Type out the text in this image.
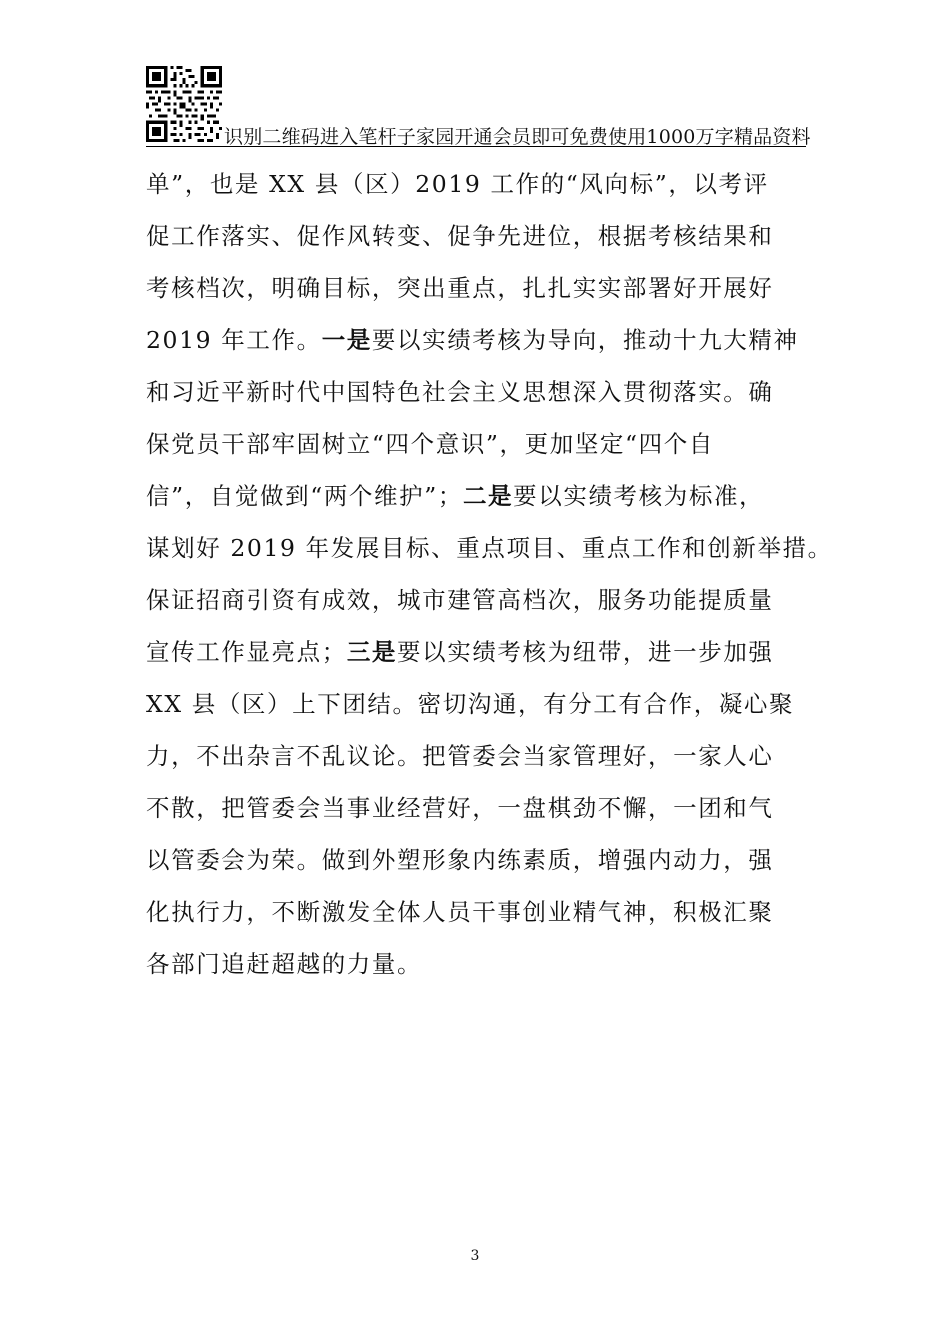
识别二维码进入笔杆子家园开通会员即可免费使用1000万字精品资料
单”，也是 XX 县（区）2019 工作的“风向标”，以考评
促工作落实、促作风转变、促争先进位，根据考核结果和
考核档次，明确目标，突出重点，扎扎实实部署好开展好
2019 年工作。一是要以实绩考核为导向，推动十九大精神
和习近平新时代中国特色社会主义思想深入贯彻落实。确
保党员干部牢固树立“四个意识”，更加坚定“四个自
信”，自觉做到“两个维护”；二是要以实绩考核为标准，
谋划好 2019 年发展目标、重点项目、重点工作和创新举措。
保证招商引资有成效，城市建管高档次，服务功能提质量
宣传工作显亮点；三是要以实绩考核为纽带，进一步加强
XX 县（区）上下团结。密切沟通，有分工有合作，凝心聚
力，不出杂言不乱议论。把管委会当家管理好，一家人心
不散，把管委会当事业经营好，一盘棋劲不懈，一团和气
以管委会为荣。做到外塑形象内练素质，增强内动力，强
化执行力，不断激发全体人员干事创业精气神，积极汇聚
各部门追赶超越的力量。
3
